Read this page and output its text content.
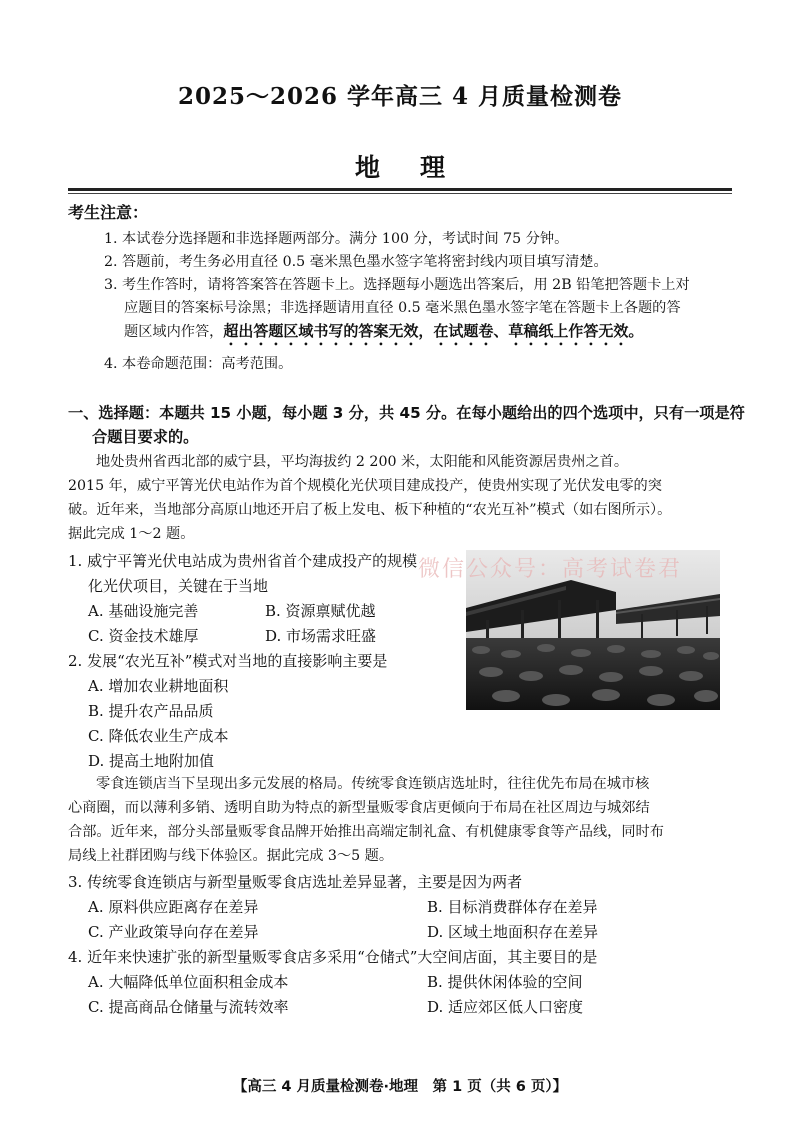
2025～2026 学年高三 4 月质量检测卷
地理
考生注意：
1. 本试卷分选择题和非选择题两部分。满分 100 分，考试时间 75 分钟。
2. 答题前，考生务必用直径 0.5 毫米黑色墨水签字笔将密封线内项目填写清楚。
3. 考生作答时，请将答案答在答题卡上。选择题每小题选出答案后，用 2B 铅笔把答题卡上对
应题目的答案标号涂黑；非选择题请用直径 0.5 毫米黑色墨水签字笔在答题卡上各题的答
题区域内作答，超出答题区域书写的答案无效，在试题卷、草稿纸上作答无效。
4. 本卷命题范围：高考范围。
一、选择题：本题共 15 小题，每小题 3 分，共 45 分。在每小题给出的四个选项中，只有一项是符
合题目要求的。
地处贵州省西北部的威宁县，平均海拔约 2 200 米，太阳能和风能资源居贵州之首。
2015 年，威宁平箐光伏电站作为首个规模化光伏项目建成投产，使贵州实现了光伏发电零的突
破。近年来，当地部分高原山地还开启了板上发电、板下种植的“农光互补”模式（如右图所示）。
据此完成 1～2 题。
微信公众号：高考试卷君
1. 威宁平箐光伏电站成为贵州省首个建成投产的规模
化光伏项目，关键在于当地
A. 基础设施完善	B. 资源禀赋优越
C. 资金技术雄厚	D. 市场需求旺盛
2. 发展“农光互补”模式对当地的直接影响主要是
A. 增加农业耕地面积
B. 提升农产品品质
C. 降低农业生产成本
D. 提高土地附加值
零食连锁店当下呈现出多元发展的格局。传统零食连锁店选址时，往往优先布局在城市核
心商圈，而以薄利多销、透明自助为特点的新型量贩零食店更倾向于布局在社区周边与城郊结
合部。近年来，部分头部量贩零食品牌开始推出高端定制礼盒、有机健康零食等产品线，同时布
局线上社群团购与线下体验区。据此完成 3～5 题。
3. 传统零食连锁店与新型量贩零食店选址差异显著，主要是因为两者
A. 原料供应距离存在差异	B. 目标消费群体存在差异
C. 产业政策导向存在差异	D. 区域土地面积存在差异
4. 近年来快速扩张的新型量贩零食店多采用“仓储式”大空间店面，其主要目的是
A. 大幅降低单位面积租金成本	B. 提供休闲体验的空间
C. 提高商品仓储量与流转效率	D. 适应郊区低人口密度
【高三 4 月质量检测卷·地理　第 1 页（共 6 页）】
